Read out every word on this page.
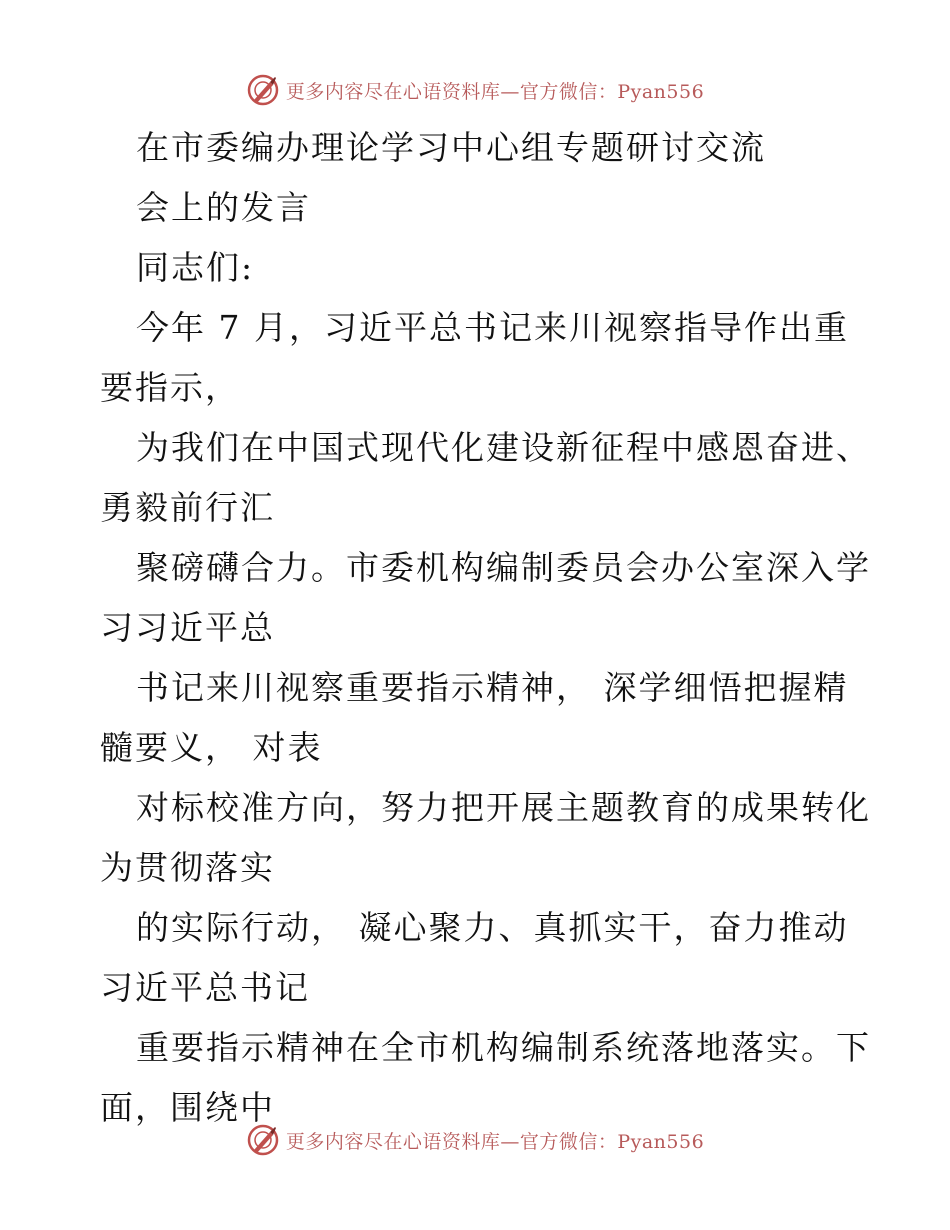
更多内容尽在心语资料库—官方微信：Pyan556
在市委编办理论学习中心组专题研讨交流
会上的发言
同志们:
今年 7 月，习近平总书记来川视察指导作出重
要指示，
为我们在中国式现代化建设新征程中感恩奋进、
勇毅前行汇
聚磅礴合力。市委机构编制委员会办公室深入学
习习近平总
书记来川视察重要指示精神， 深学细悟把握精
髓要义， 对表
对标校准方向，努力把开展主题教育的成果转化
为贯彻落实
的实际行动， 凝心聚力、真抓实干，奋力推动
习近平总书记
重要指示精神在全市机构编制系统落地落实。下
面，围绕中
更多内容尽在心语资料库—官方微信：Pyan556
